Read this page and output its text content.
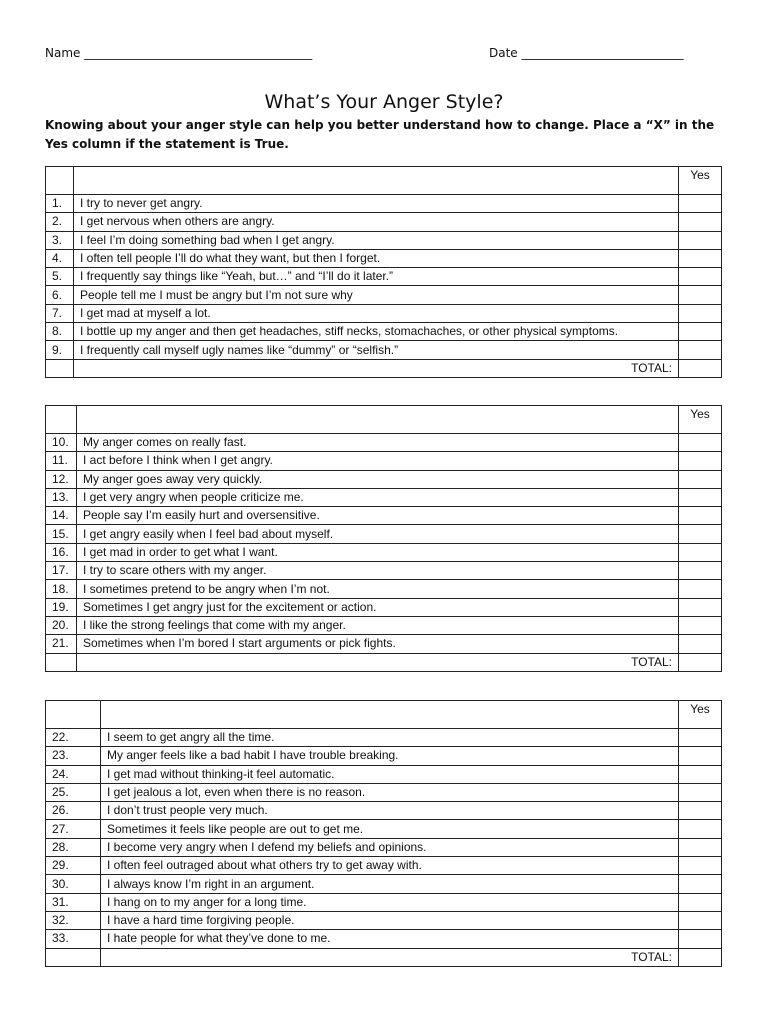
Name ______________________________________	Date ___________________________
What’s Your Anger Style?
Knowing about your anger style can help you better understand how to change. Place a “X” in the Yes column if the statement is True.
		Yes
1.	I try to never get angry.	
2.	I get nervous when others are angry.	
3.	I feel I’m doing something bad when I get angry.	
4.	I often tell people I’ll do what they want, but then I forget.	
5.	I frequently say things like “Yeah, but…” and “I’ll do it later.”	
6.	People tell me I must be angry but I’m not sure why	
7.	I get mad at myself a lot.	
8.	I bottle up my anger and then get headaches, stiff necks, stomachaches, or other physical symptoms.	
9.	I frequently call myself ugly names like “dummy” or “selfish.”	
	TOTAL:	
		Yes
10.	My anger comes on really fast.	
11.	I act before I think when I get angry.	
12.	My anger goes away very quickly.	
13.	I get very angry when people criticize me.	
14.	People say I’m easily hurt and oversensitive.	
15.	I get angry easily when I feel bad about myself.	
16.	I get mad in order to get what I want.	
17.	I try to scare others with my anger.	
18.	I sometimes pretend to be angry when I’m not.	
19.	Sometimes I get angry just for the excitement or action.	
20.	I like the strong feelings that come with my anger.	
21.	Sometimes when I’m bored I start arguments or pick fights.	
	TOTAL:	
		Yes
22.	I seem to get angry all the time.	
23.	My anger feels like a bad habit I have trouble breaking.	
24.	I get mad without thinking-it feel automatic.	
25.	I get jealous a lot, even when there is no reason.	
26.	I don’t trust people very much.	
27.	Sometimes it feels like people are out to get me.	
28.	I become very angry when I defend my beliefs and opinions.	
29.	I often feel outraged about what others try to get away with.	
30.	I always know I’m right in an argument.	
31.	I hang on to my anger for a long time.	
32.	I have a hard time forgiving people.	
33.	I hate people for what they’ve done to me.	
	TOTAL:	
